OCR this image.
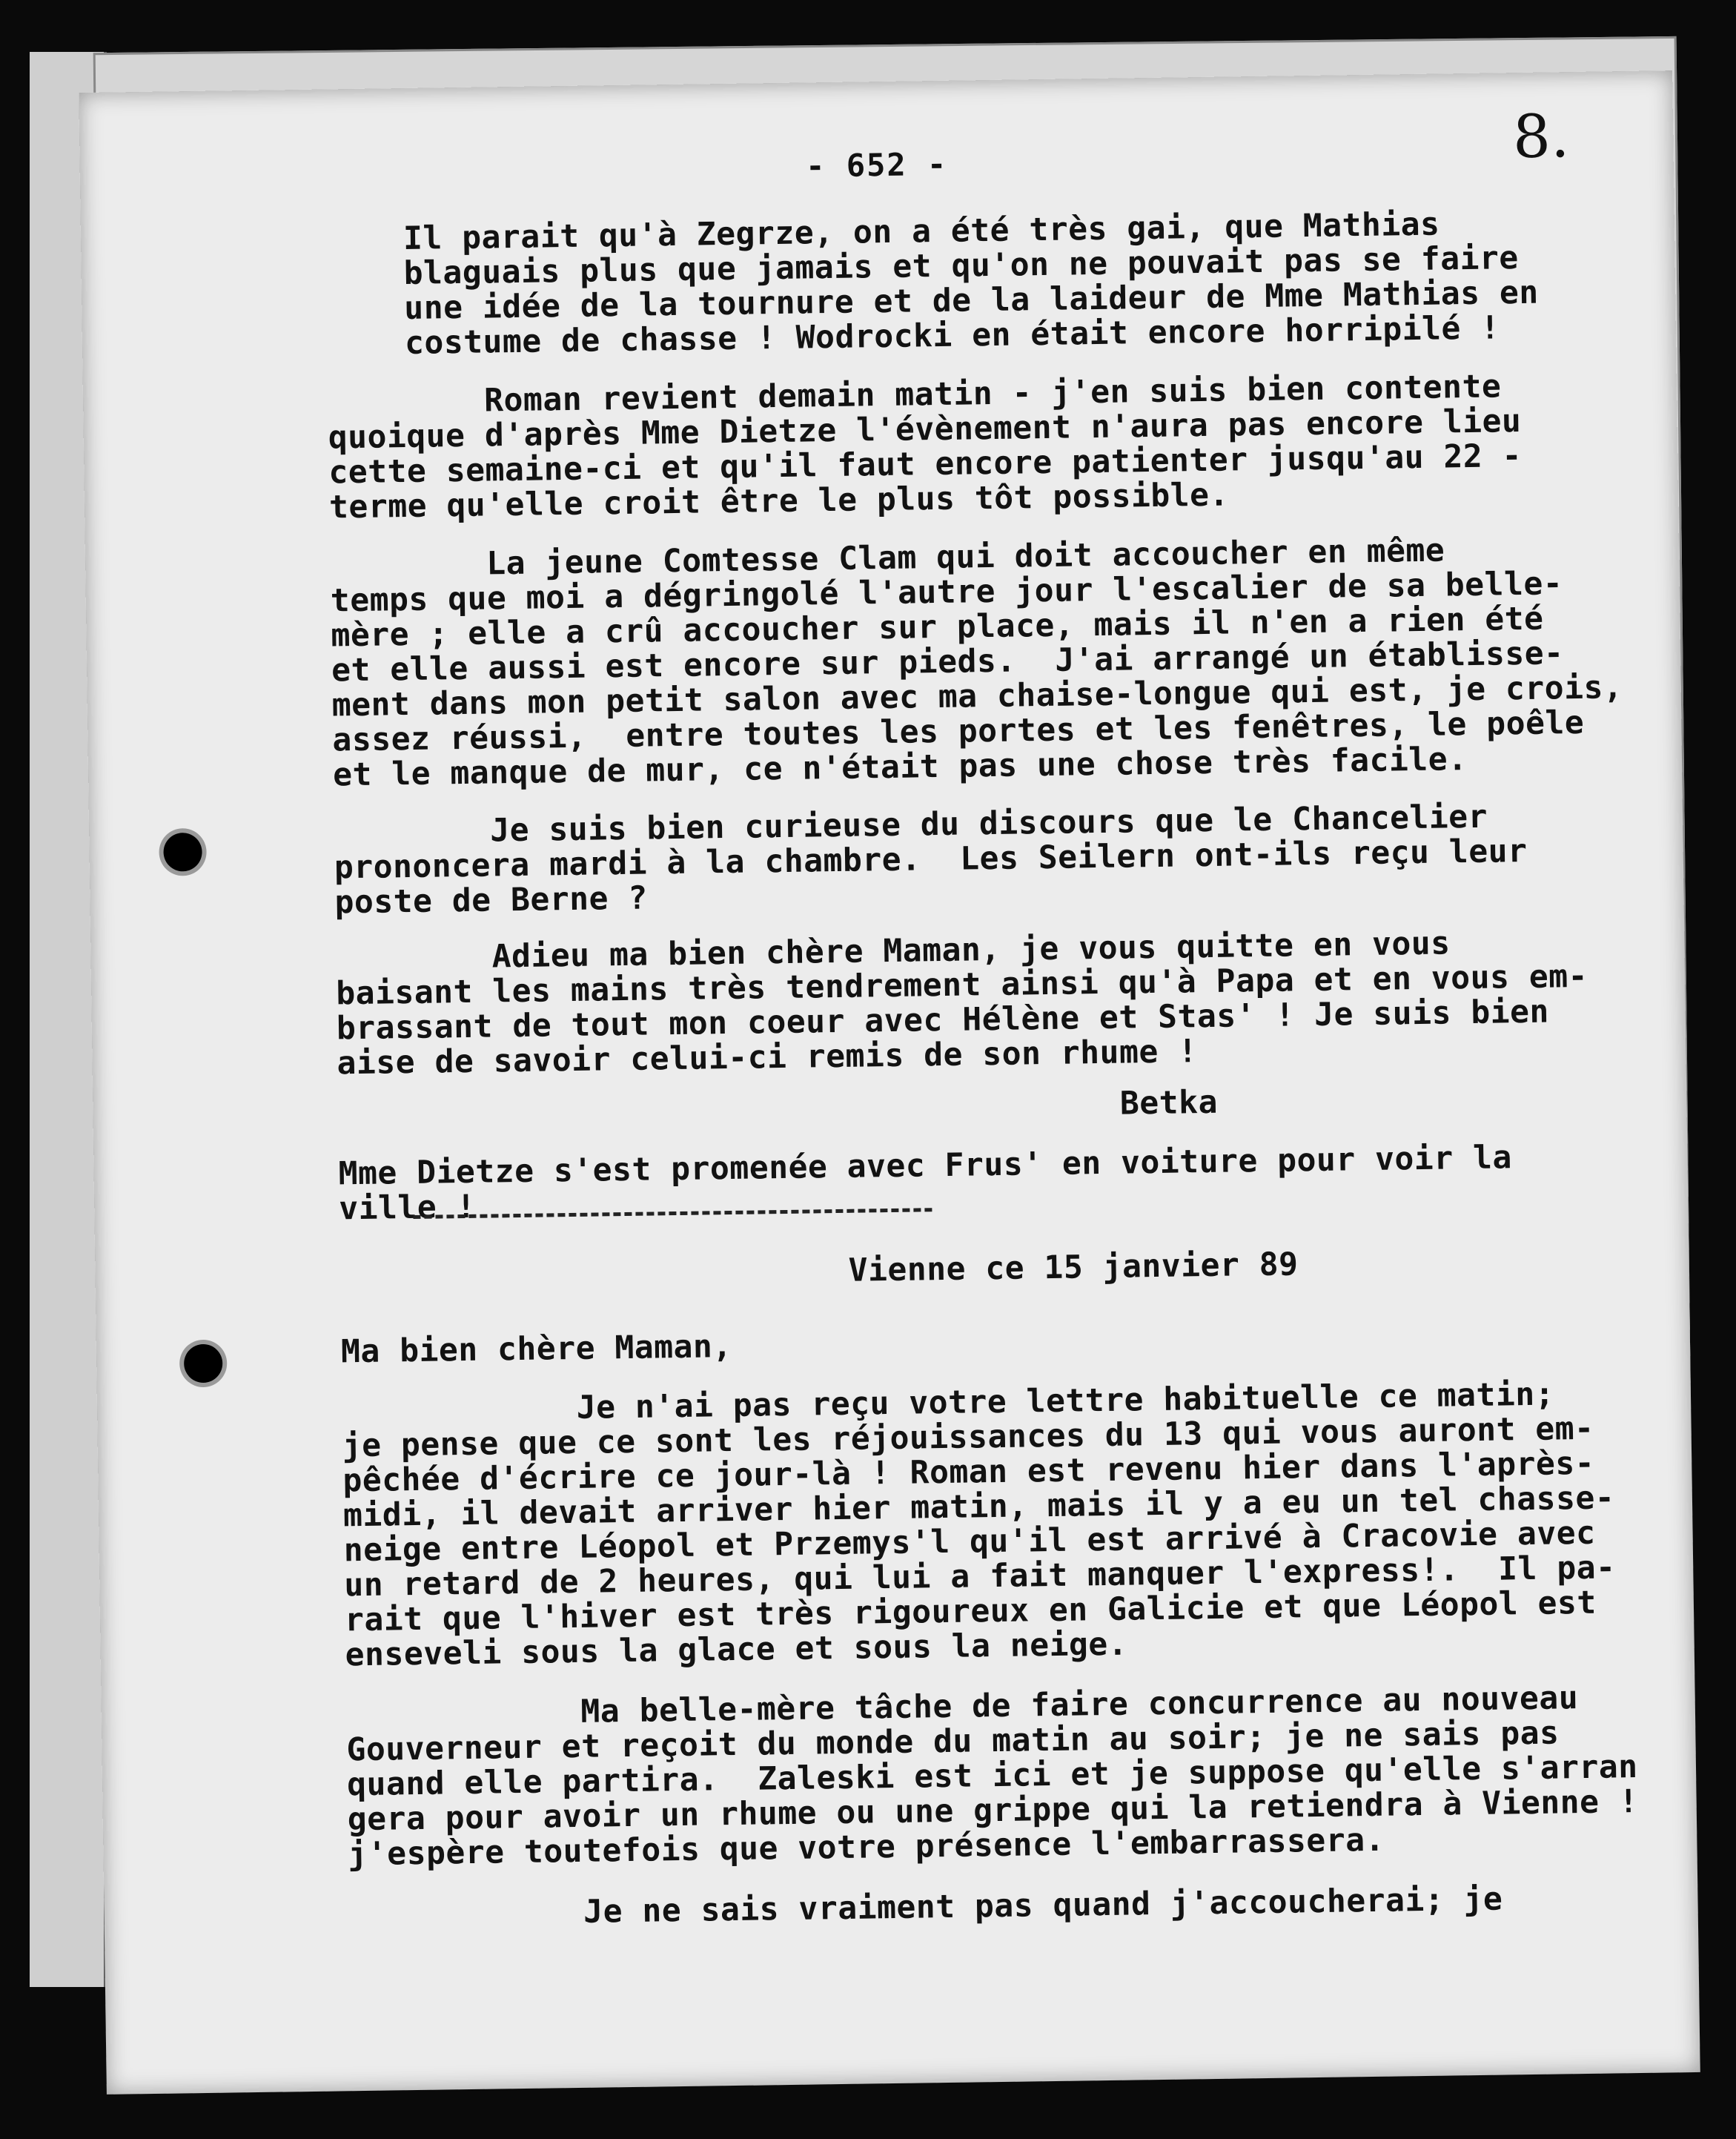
- 652 -	8.
Il parait qu'à Zegrze, on a été très gai, que Mathias
blaguais plus que jamais et qu'on ne pouvait pas se faire
une idée de la tournure et de la laideur de Mme Mathias en
costume de chasse ! Wodrocki en était encore horripilé !
Roman revient demain matin - j'en suis bien contente
quoique d'après Mme Dietze l'évènement n'aura pas encore lieu
cette semaine-ci et qu'il faut encore patienter jusqu'au 22 -
terme qu'elle croit être le plus tôt possible.
La jeune Comtesse Clam qui doit accoucher en même
temps que moi a dégringolé l'autre jour l'escalier de sa belle-
mère ; elle a crû accoucher sur place, mais il n'en a rien été
et elle aussi est encore sur pieds.  J'ai arrangé un établisse-
ment dans mon petit salon avec ma chaise-longue qui est, je crois,
assez réussi,  entre toutes les portes et les fenêtres, le poêle
et le manque de mur, ce n'était pas une chose très facile.
Je suis bien curieuse du discours que le Chancelier
prononcera mardi à la chambre.  Les Seilern ont-ils reçu leur
poste de Berne ?
Adieu ma bien chère Maman, je vous quitte en vous
baisant les mains très tendrement ainsi qu'à Papa et en vous em-
brassant de tout mon coeur avec Hélène et Stas' ! Je suis bien
aise de savoir celui-ci remis de son rhume !
Betka
Mme Dietze s'est promenée avec Frus' en voiture pour voir la
ville !
Vienne ce 15 janvier 89
Ma bien chère Maman,
Je n'ai pas reçu votre lettre habituelle ce matin;
je pense que ce sont les réjouissances du 13 qui vous auront em-
pêchée d'écrire ce jour-là ! Roman est revenu hier dans l'après-
midi, il devait arriver hier matin, mais il y a eu un tel chasse-
neige entre Léopol et Przemys'l qu'il est arrivé à Cracovie avec
un retard de 2 heures, qui lui a fait manquer l'express!.  Il pa-
rait que l'hiver est très rigoureux en Galicie et que Léopol est
enseveli sous la glace et sous la neige.
Ma belle-mère tâche de faire concurrence au nouveau
Gouverneur et reçoit du monde du matin au soir; je ne sais pas
quand elle partira.  Zaleski est ici et je suppose qu'elle s'arran
gera pour avoir un rhume ou une grippe qui la retiendra à Vienne !
j'espère toutefois que votre présence l'embarrassera.
Je ne sais vraiment pas quand j'accoucherai; je
